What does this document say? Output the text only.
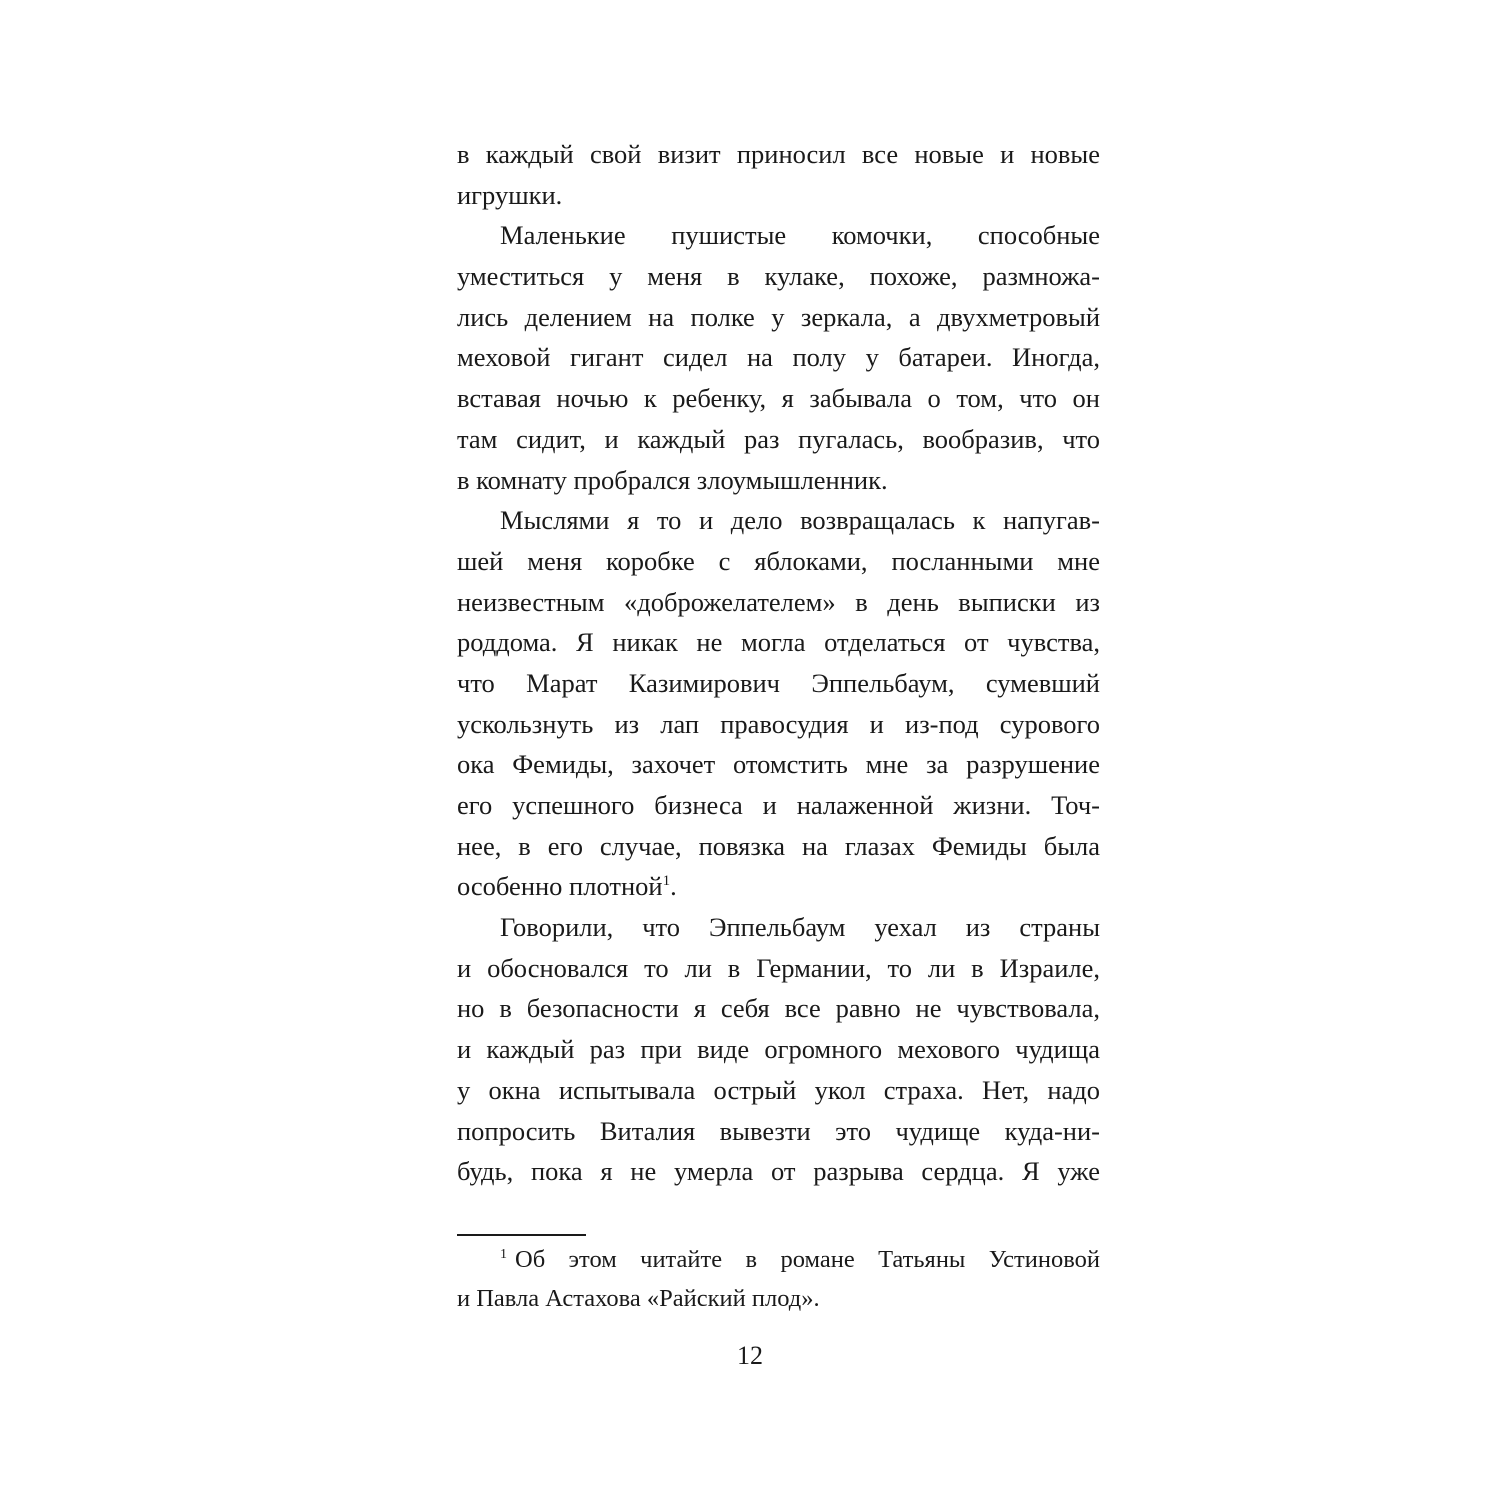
в каждый свой визит приносил все новые и новые
игрушки.
Маленькие пушистые комочки, способные
уместиться у меня в кулаке, похоже, размножа-
лись делением на полке у зеркала, а двухметровый
меховой гигант сидел на полу у батареи. Иногда,
вставая ночью к ребенку, я забывала о том, что он
там сидит, и каждый раз пугалась, вообразив, что
в комнату пробрался злоумышленник.
Мыслями я то и дело возвращалась к напугав-
шей меня коробке с яблоками, посланными мне
неизвестным «доброжелателем» в день выписки из
роддома. Я никак не могла отделаться от чувства,
что Марат Казимирович Эппельбаум, сумевший
ускользнуть из лап правосудия и из-под сурового
ока Фемиды, захочет отомстить мне за разрушение
его успешного бизнеса и налаженной жизни. Точ-
нее, в его случае, повязка на глазах Фемиды была
особенно плотной$^1$.
Говорили, что Эппельбаум уехал из страны
и обосновался то ли в Германии, то ли в Израиле,
но в безопасности я себя все равно не чувствовала,
и каждый раз при виде огромного мехового чудища
у окна испытывала острый укол страха. Нет, надо
попросить Виталия вывезти это чудище куда-ни-
будь, пока я не умерла от разрыва сердца. Я уже
$^1$ Об этом читайте в романе Татьяны Устиновой
и Павла Астахова «Райский плод».
12
